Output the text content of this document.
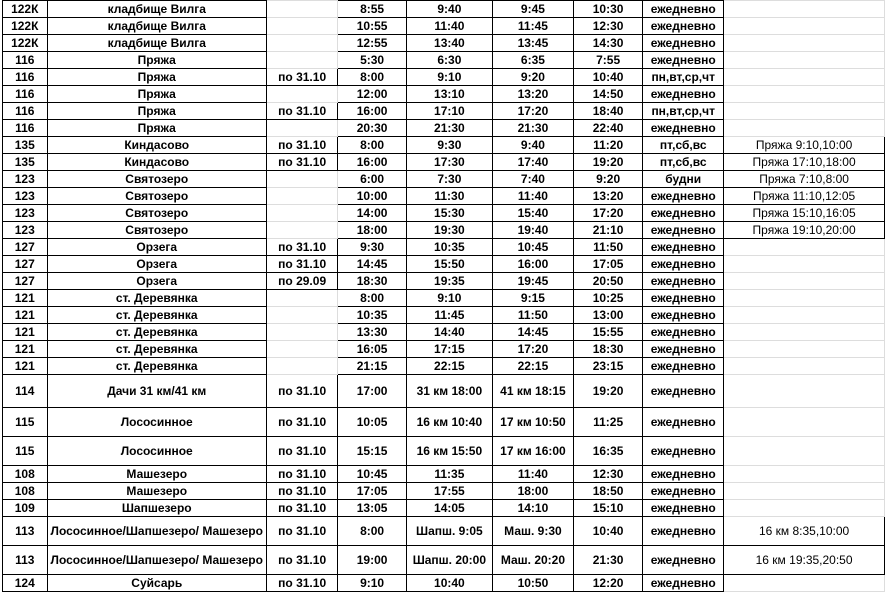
122К	кладбище Вилга		8:55	9:40	9:45	10:30	ежедневно	
122К	кладбище Вилга		10:55	11:40	11:45	12:30	ежедневно	
122К	кладбище Вилга		12:55	13:40	13:45	14:30	ежедневно	
116	Пряжа		5:30	6:30	6:35	7:55	ежедневно	
116	Пряжа	по 31.10	8:00	9:10	9:20	10:40	пн,вт,ср,чт	
116	Пряжа		12:00	13:10	13:20	14:50	ежедневно	
116	Пряжа	по 31.10	16:00	17:10	17:20	18:40	пн,вт,ср,чт	
116	Пряжа		20:30	21:30	21:30	22:40	ежедневно	
135	Киндасово	по 31.10	8:00	9:30	9:40	11:20	пт,сб,вс	Пряжа 9:10,10:00
135	Киндасово	по 31.10	16:00	17:30	17:40	19:20	пт,сб,вс	Пряжа 17:10,18:00
123	Святозеро		6:00	7:30	7:40	9:20	будни	Пряжа 7:10,8:00
123	Святозеро		10:00	11:30	11:40	13:20	ежедневно	Пряжа 11:10,12:05
123	Святозеро		14:00	15:30	15:40	17:20	ежедневно	Пряжа 15:10,16:05
123	Святозеро		18:00	19:30	19:40	21:10	ежедневно	Пряжа 19:10,20:00
127	Орзега	по 31.10	9:30	10:35	10:45	11:50	ежедневно	
127	Орзега	по 31.10	14:45	15:50	16:00	17:05	ежедневно	
127	Орзега	по 29.09	18:30	19:35	19:45	20:50	ежедневно	
121	ст. Деревянка		8:00	9:10	9:15	10:25	ежедневно	
121	ст. Деревянка		10:35	11:45	11:50	13:00	ежедневно	
121	ст. Деревянка		13:30	14:40	14:45	15:55	ежедневно	
121	ст. Деревянка		16:05	17:15	17:20	18:30	ежедневно	
121	ст. Деревянка		21:15	22:15	22:15	23:15	ежедневно	
114	Дачи 31 км/41 км	по 31.10	17:00	31 км 18:00	41 км 18:15	19:20	ежедневно	
115	Лососинное	по 31.10	10:05	16 км 10:40	17 км 10:50	11:25	ежедневно	
115	Лососинное	по 31.10	15:15	16 км 15:50	17 км 16:00	16:35	ежедневно	
108	Машезеро	по 31.10	10:45	11:35	11:40	12:30	ежедневно	
108	Машезеро	по 31.10	17:05	17:55	18:00	18:50	ежедневно	
109	Шапшезеро	по 31.10	13:05	14:05	14:10	15:10	ежедневно	
113	Лососинное/Шапшезеро/ Машезеро	по 31.10	8:00	Шапш. 9:05	Маш. 9:30	10:40	ежедневно	16 км 8:35,10:00
113	Лососинное/Шапшезеро/ Машезеро	по 31.10	19:00	Шапш. 20:00	Маш. 20:20	21:30	ежедневно	16 км 19:35,20:50
124	Суйсарь	по 31.10	9:10	10:40	10:50	12:20	ежедневно	
